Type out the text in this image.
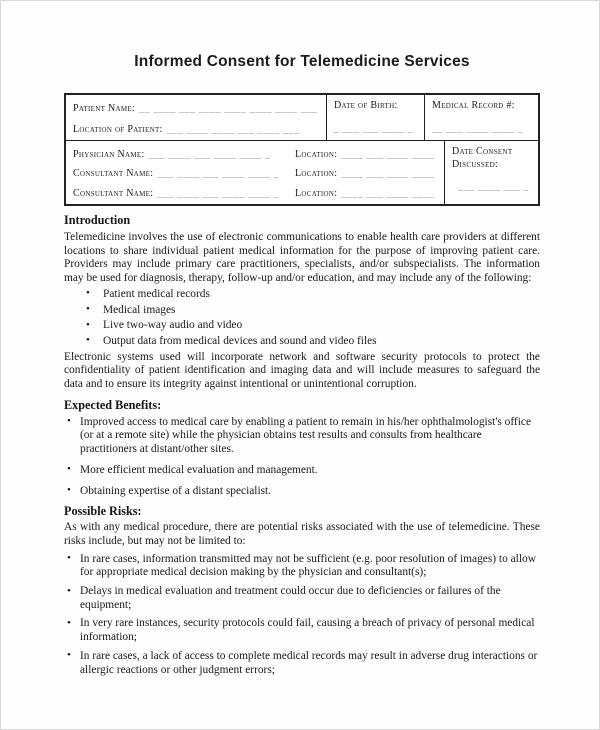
Informed Consent for Telemedicine Services
Patient Name: __ ____ ___ ____ ____ ____ ____ ___
Location of Patient: ___ ____ ____ ___ ____ ___
Date of Birth:
_ ___ ___ ____ _
Medical Record #:
__ ___ ____ ____ _
Physician Name: ___ ____ ___ ____ ____ _ Location: ____ ___ ____ ____
Consultant Name: ___ ____ ___ ____ ____ _ Location: ____ ___ ____ ____
Consultant Name: ___ ____ ___ ____ ____ _ Location: ____ ___ ____ ____
Date Consent Discussed:
___ ____ ___ _
Introduction

Telemedicine involves the use of electronic communications to enable health care providers at different locations to share individual patient medical information for the purpose of improving patient care. Providers may include primary care practitioners, specialists, and/or subspecialists. The information may be used for diagnosis, therapy, follow-up and/or education, and may include any of the following:

• Patient medical records
• Medical images
• Live two-way audio and video
• Output data from medical devices and sound and video files

Electronic systems used will incorporate network and software security protocols to protect the confidentiality of patient identification and imaging data and will include measures to safeguard the data and to ensure its integrity against intentional or unintentional corruption.

Expected Benefits:
• Improved access to medical care by enabling a patient to remain in his/her ophthalmologist's office (or at a remote site) while the physician obtains test results and consults from healthcare practitioners at distant/other sites.
• More efficient medical evaluation and management.
• Obtaining expertise of a distant specialist.
Possible Risks:

As with any medical procedure, there are potential risks associated with the use of telemedicine. These risks include, but may not be limited to:

• In rare cases, information transmitted may not be sufficient (e.g. poor resolution of images) to allow for appropriate medical decision making by the physician and consultant(s);
• Delays in medical evaluation and treatment could occur due to deficiencies or failures of the equipment;
• In very rare instances, security protocols could fail, causing a breach of privacy of personal medical information;
• In rare cases, a lack of access to complete medical records may result in adverse drug interactions or allergic reactions or other judgment errors;
